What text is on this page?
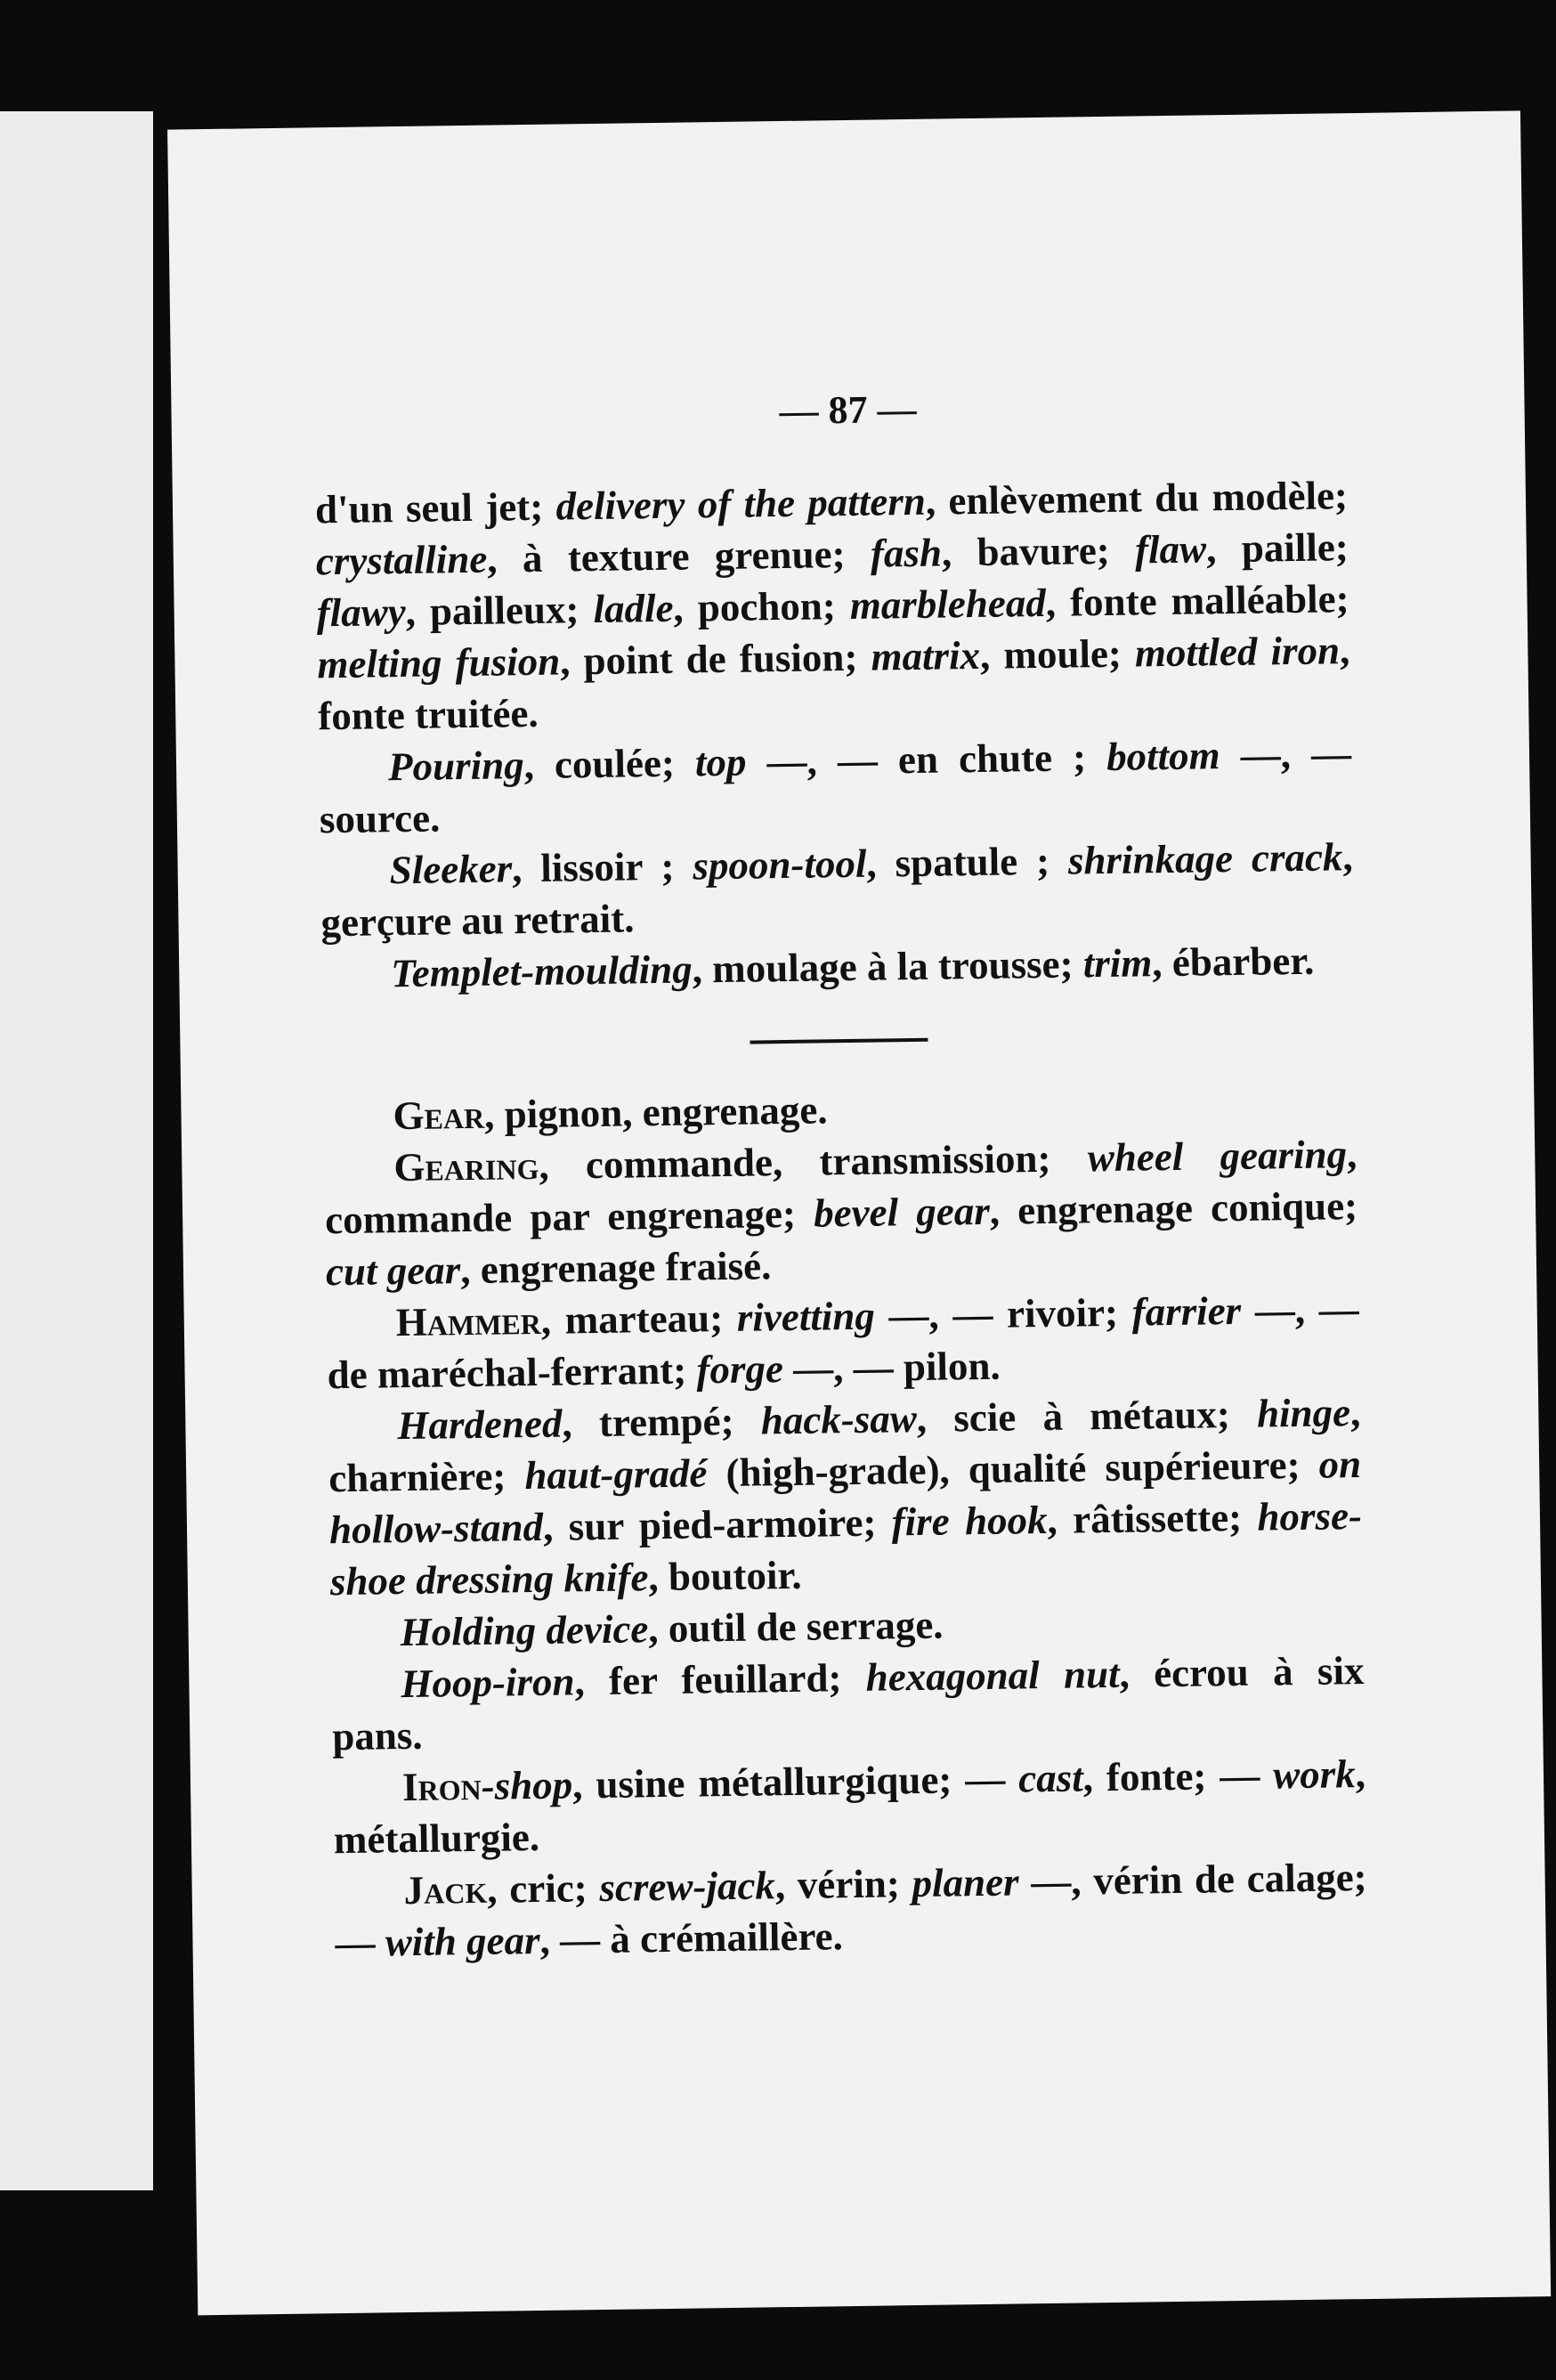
— 87 —

d'un seul jet; delivery of the pattern, enlèvement du modèle; crystalline, à texture grenue; fash, bavure; flaw, paille; flawy, pailleux; ladle, pochon; marblehead, fonte malléable; melting fusion, point de fusion; matrix, moule; mottled iron, fonte truitée.

Pouring, coulée; top —, — en chute ; bottom —, — source.

Sleeker, lissoir ; spoon-tool, spatule ; shrinkage crack, gerçure au retrait.

Templet-moulding, moulage à la trousse; trim, ébarber.

Gear, pignon, engrenage.

Gearing, commande, transmission; wheel gearing, commande par engrenage; bevel gear, engrenage conique; cut gear, engrenage fraisé.

Hammer, marteau; rivetting —, — rivoir; farrier —, — de maréchal-ferrant; forge —, — pilon.

Hardened, trempé; hack-saw, scie à métaux; hinge, charnière; haut-gradé (high-grade), qualité supérieure; on hollow-stand, sur pied-armoire; fire hook, râtissette; horse-shoe dressing knife, boutoir.

Holding device, outil de serrage.

Hoop-iron, fer feuillard; hexagonal nut, écrou à six pans.

Iron-shop, usine métallurgique; — cast, fonte; — work, métallurgie.

Jack, cric; screw-jack, vérin; planer —, vérin de calage; — with gear, — à crémaillère.
